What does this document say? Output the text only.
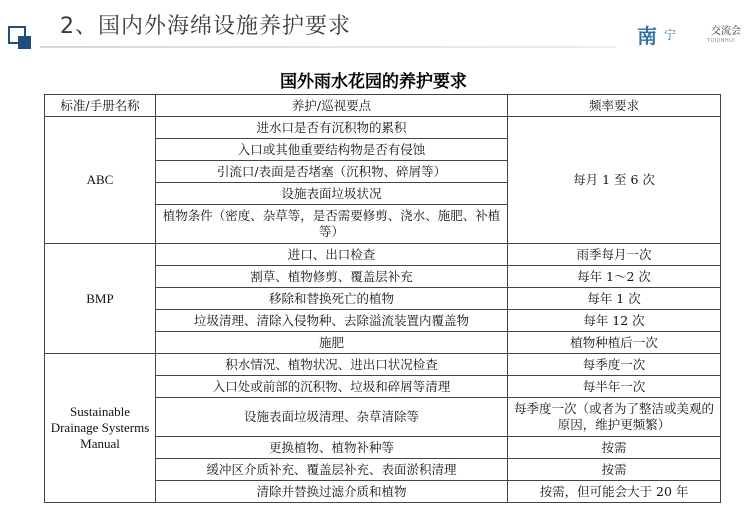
2、国内外海绵设施养护要求	南 宁	交流会
TUIJINHUI
国外雨水花园的养护要求
标准/手册名称	养护/巡视要点	频率要求
ABC	进水口是否有沉积物的累积	每月 1 至 6 次
	入口或其他重要结构物是否有侵蚀	
	引流口/表面是否堵塞（沉积物、碎屑等）	
	设施表面垃圾状况	
	植物条件（密度、杂草等，是否需要修剪、浇水、施肥、补植等）	
BMP	进口、出口检查	雨季每月一次
	割草、植物修剪、覆盖层补充	每年 1～2 次
	移除和替换死亡的植物	每年 1 次
	垃圾清理、清除入侵物种、去除溢流装置内覆盖物	每年 12 次
	施肥	植物种植后一次
Sustainable Drainage Systerms Manual	积水情况、植物状况、进出口状况检查	每季度一次
	入口处或前部的沉积物、垃圾和碎屑等清理	每半年一次
	设施表面垃圾清理、杂草清除等	每季度一次（或者为了整洁或美观的原因，维护更频繁）
	更换植物、植物补种等	按需
	缓冲区介质补充、覆盖层补充、表面淤积清理	按需
	清除并替换过滤介质和植物	按需，但可能会大于 20 年
